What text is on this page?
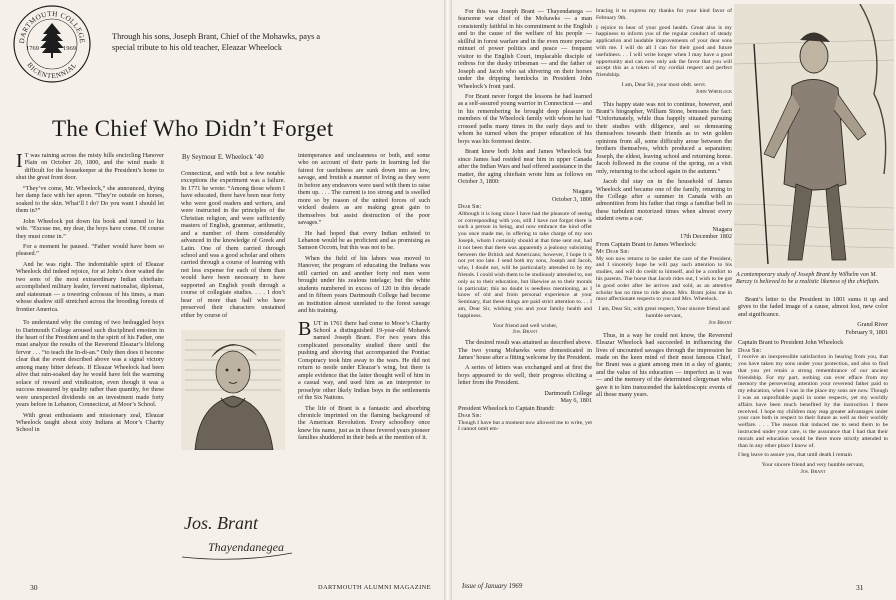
DARTMOUTH COLLEGE
BICENTENNIAL
1769	1969
Through his sons, Joseph Brant, Chief of the Mohawks, pays a special tribute to his old teacher, Eleazar Wheelock
The Chief Who Didn’t Forget
By Seymour E. Wheelock ’40

I T was raining across the misty hills encircling Hanover Plain on October 20, 1800, and the wind made it difficult for the housekeeper at the President’s home to shut the great front door.

“They’ve come, Mr. Wheelock,” she announced, drying her damp face with her apron. “They’re outside on horses, soaked to the skin. What’ll I do? Do you want I should let them in?”

John Wheelock put down his book and turned to his wife. “Excuse me, my dear, the boys have come. Of course they must come in.”

For a moment he paused. “Father would have been so pleased.”

And he was right. The indomitable spirit of Eleazar Wheelock did indeed rejoice, for at John’s door waited the two sons of the most extraordinary Indian chieftain: accomplished military leader, fervent nationalist, diplomat, and statesman — a towering colossus of his times, a man whose shadow still stretched across the brooding forests of frontier America.

To understand why the coming of two bedraggled boys to Dartmouth College aroused such disciplined emotion in the heart of the President and in the spirit of his Father, one must analyze the results of the Reverend Eleazar’s lifelong fervor . . . “to teach the In-di-an.” Only then does it become clear that the event described above was a signal victory among many bitter defeats. If Eleazar Wheelock had been alive that rain-soaked day he would have felt the warming solace of reward and vindication, even though it was a success measured by quality rather than quantity, for these were unexpected dividends on an investment made forty years before in Lebanon, Connecticut, at Moor’s School.

With great enthusiasm and missionary zeal, Eleazar Wheelock taught about sixty Indians at Moor’s Charity School in

Connecticut, and with but a few notable exceptions the experiment was a failure. In 1771 he wrote: “Among those whom I have educated, there have been near forty who were good readers and writers, and were instructed in the principles of the Christian religion, and were sufficiently masters of English, grammar, arithmetic, and a number of them considerably advanced in the knowledge of Greek and Latin. One of them carried through school and was a good scholar and others carried through a course of learning with not less expense for each of them than would have been necessary to have supported an English youth through a course of collegiate studies. . . . I don’t hear of more than half who have preserved their characters unstained either by course of

Jos. Brant
Thayendanegea

intemperance and uncleanness or both, and some who on account of their parts in learning led the fairest for usefulness are sunk down into as low, savage, and brutish a manner of living as they were in before any endeavors were used with them to raise them up. . . . The current is too strong and is swelled more so by reason of the united forces of such wicked dealers as are making great gain to themselves but assist destruction of the poor savages.”

He had hoped that every Indian enlisted to Lebanon would be as proficient and as promising as Samson Occom, but this was not to be.

When the field of his labors was moved to Hanover, the program of educating the Indians was still carried on and another forty red men were brought under his zealous tutelage; but the white students numbered in excess of 120 in this decade and in fifteen years Dartmouth College had become an institution almost unrelated to the forest savage and his training.

BUT in 1761 there had come to Moor’s Charity School a distinguished 19-year-old Mohawk named Joseph Brant. For two years this complicated personality studied there until the pushing and shoving that accompanied the Pontiac Conspiracy took him away to the wars. He did not return to nestle under Eleazar’s wing, but there is ample evidence that the latter thought well of him in a casual way, and used him as an interpreter to proselyte other likely Indian boys in the settlements of the Six Nations.

The life of Brant is a fantastic and absorbing chronicle imprinted on the flaming background of the American Revolution. Every schoolboy once knew his name, just as in those fevered years pioneer families shuddered in their beds at the mention of it.

For this was Joseph Brant — Thayendanega — fearsome war chief of the Mohawks — a man consistently faithful in his commitment to the English and to the cause of the welfare of his people — skillful in forest warfare and in the even more precise minuet of power politics and peace — frequent visitor to the English Court, implacable disciple of redress for the dusky tribesman — and the father of Joseph and Jacob who sat shivering on their horses under the dripping hemlocks in President John Wheelock’s front yard.

For Brant never forgot the lessons he had learned as a self-assured young warrior in Connecticut — and in his remembering he brought deep pleasure to members of the Wheelock family with whom he had crossed paths many times in the early days and to whom he turned when the proper education of his boys was his foremost desire.

Brant knew both John and James Wheelock but since James had resided near him in upper Canada after the Indian Wars and had offered assistance in the matter, the aging chieftain wrote him as follows on October 3, 1800:

Niagara
October 3, 1800
Dear Sir:

Although it is long since I have had the pleasure of seeing or corresponding with you, still I have not forgot there is such a person in being, and now embrace the kind offer you once made me, in offering to take charge of my son Joseph, whom I certainly should at that time sent out, had it not been that there was apparently a jealousy subsisting between the British and Americans; however, I hope it is not yet too late. I send both my sons, Joseph and Jacob, who, I doubt not, will be particularly attended to by my friends. I could wish them to be studiously attended to, not only as to their education, but likewise as to their morals in particular; this no doubt is needless mentioning, as I know of old and from personal experience at your Seminary, that these things are paid strict attention to. . . I am, Dear Sir, wishing you and your family health and happiness.

Your friend and well wisher,
Jos. Brant

The desired result was attained as described above. The two young Mohawks were domesticated in James’ house after a fitting welcome by the President.

A series of letters was exchanged and at first the boys appeared to do well, their progress eliciting a letter from the President.

Dartmouth College
May 6, 1801
President Wheelock to Captain Brandt:
Dear Sir:

Though I have but a moment now allowed me to write, yet I cannot omit em-

bracing it to express my thanks for your kind favor of February 9th.

I rejoice to hear of your good health. Great also is my happiness to inform you of the regular conduct of steady application and laudable improvements of your dear sons with me. I will do all I can for their good and future usefulness. . . I will write longer when I may have a good opportunity and can now only ask the favor that you will accept this as a token of my cordial respect and perfect friendship.

I am, Dear Sir, your most obdt. servt.
John Wheelock

This happy state was not to continue, however, and Brant’s biographer, William Stone, bemoans the fact: “Unfortunately, while thus happily situated pursuing their studies with diligence, and so demeaning themselves towards their friends as to win golden opinions from all, some difficulty arose between the brothers themselves, which produced a separation; Joseph, the eldest, leaving school and returning home. Jacob followed in the course of the spring, on a visit only, returning to the school again in the autumn.”

Jacob did stay on in the household of James Wheelock and became one of the family, returning to the College after a summer in Canada with an admonition from his father that rings a familiar bell in these turbulent motorized times when almost every student owns a car.

Niagara
17th December 1802
From Captain Brant to James Wheelock:
My Dear Sir:

My son now returns to be under the care of the President, and I sincerely hope he will pay such attention to his studies, and will do credit to himself, and be a comfort to his parents. The horse that Jacob rides out, I wish to be got in good order after he arrives and sold, as an attentive scholar has no time to ride about. Mrs. Brant joins me in most affectionate respects to you and Mrs. Wheelock.

I am, Dear Sir, with great respect, Your sincere friend and humble servant,
Jos Brant

Thus, in a way he could not know, the Reverend Eleazar Wheelock had succeeded in influencing the lives of uncounted savages through the impression he made on the keen mind of their most famous Chief, for Brant was a giant among men in a day of giants; and the value of his education — imperfect as it was — and the memory of the determined clergyman who gave it to him transcended the kaleidoscopic events of all those many years.

A contemporary study of Joseph Brant by Wilhelm von M. Berczy is believed to be a realistic likeness of the chieftain.

Brant’s letter to the President in 1801 sums it up and gives to the faded image of a cause, almost lost, new color and significance.

Grand River
February 9, 1801
Captain Brant to President John Wheelock
Dear Sir:

I receive an inexpressible satisfaction in hearing from you, that you have taken my sons under your protection, and also to find that you yet retain a strong remembrance of our ancient friendship. For my part, nothing can ever efface from my memory the persevering attention your reverend father paid to my education, when I was in the place my sons are now. Though I was an unprofitable pupil in some respects, yet my worldly affairs have been much benefited by the instruction I there received. I hope my children may reap greater advantages under your care both in respect to their future as well as their worldly welfare. . . . The reason that induced me to send them to be instructed under your care, is the assurance that I had that their morals and education would be there more strictly attended to than in any other place I know of.

I beg leave to assure you, that until death I remain

Your sincere friend and very humble servant,
Jos. Brant
30	DARTMOUTH ALUMNI MAGAZINE	Issue of January 1969	31
